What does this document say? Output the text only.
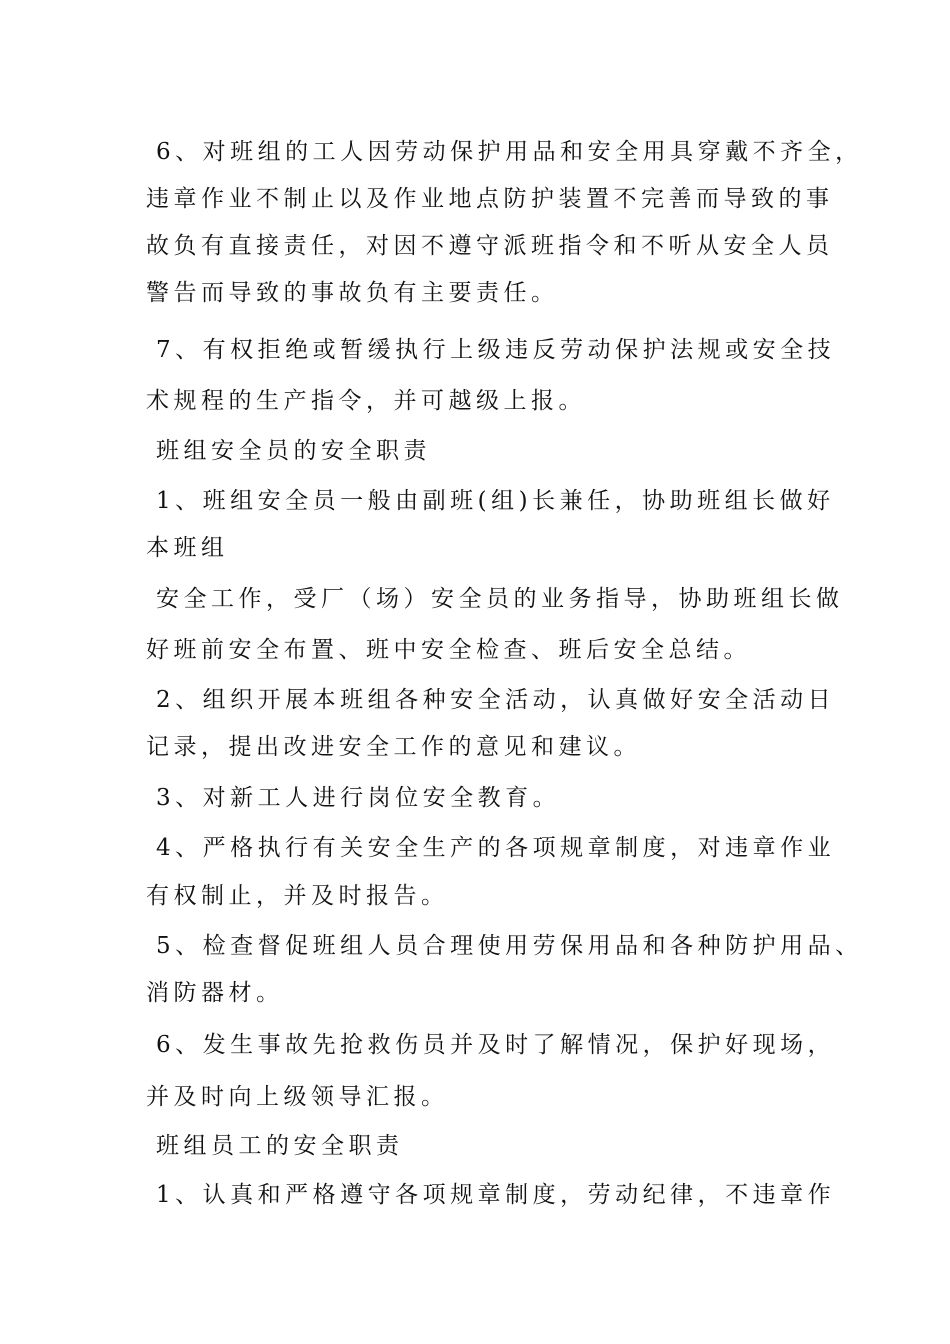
6、对班组的工人因劳动保护用品和安全用具穿戴不齐全，
违章作业不制止以及作业地点防护装置不完善而导致的事
故负有直接责任，对因不遵守派班指令和不听从安全人员
警告而导致的事故负有主要责任。
7、有权拒绝或暂缓执行上级违反劳动保护法规或安全技
术规程的生产指令，并可越级上报。
班组安全员的安全职责
1、班组安全员一般由副班(组)长兼任，协助班组长做好
本班组
安全工作，受厂（场）安全员的业务指导，协助班组长做
好班前安全布置、班中安全检查、班后安全总结。
2、组织开展本班组各种安全活动，认真做好安全活动日
记录，提出改进安全工作的意见和建议。
3、对新工人进行岗位安全教育。
4、严格执行有关安全生产的各项规章制度，对违章作业
有权制止，并及时报告。
5、检查督促班组人员合理使用劳保用品和各种防护用品、
消防器材。
6、发生事故先抢救伤员并及时了解情况，保护好现场，
并及时向上级领导汇报。
班组员工的安全职责
1、认真和严格遵守各项规章制度，劳动纪律，不违章作
